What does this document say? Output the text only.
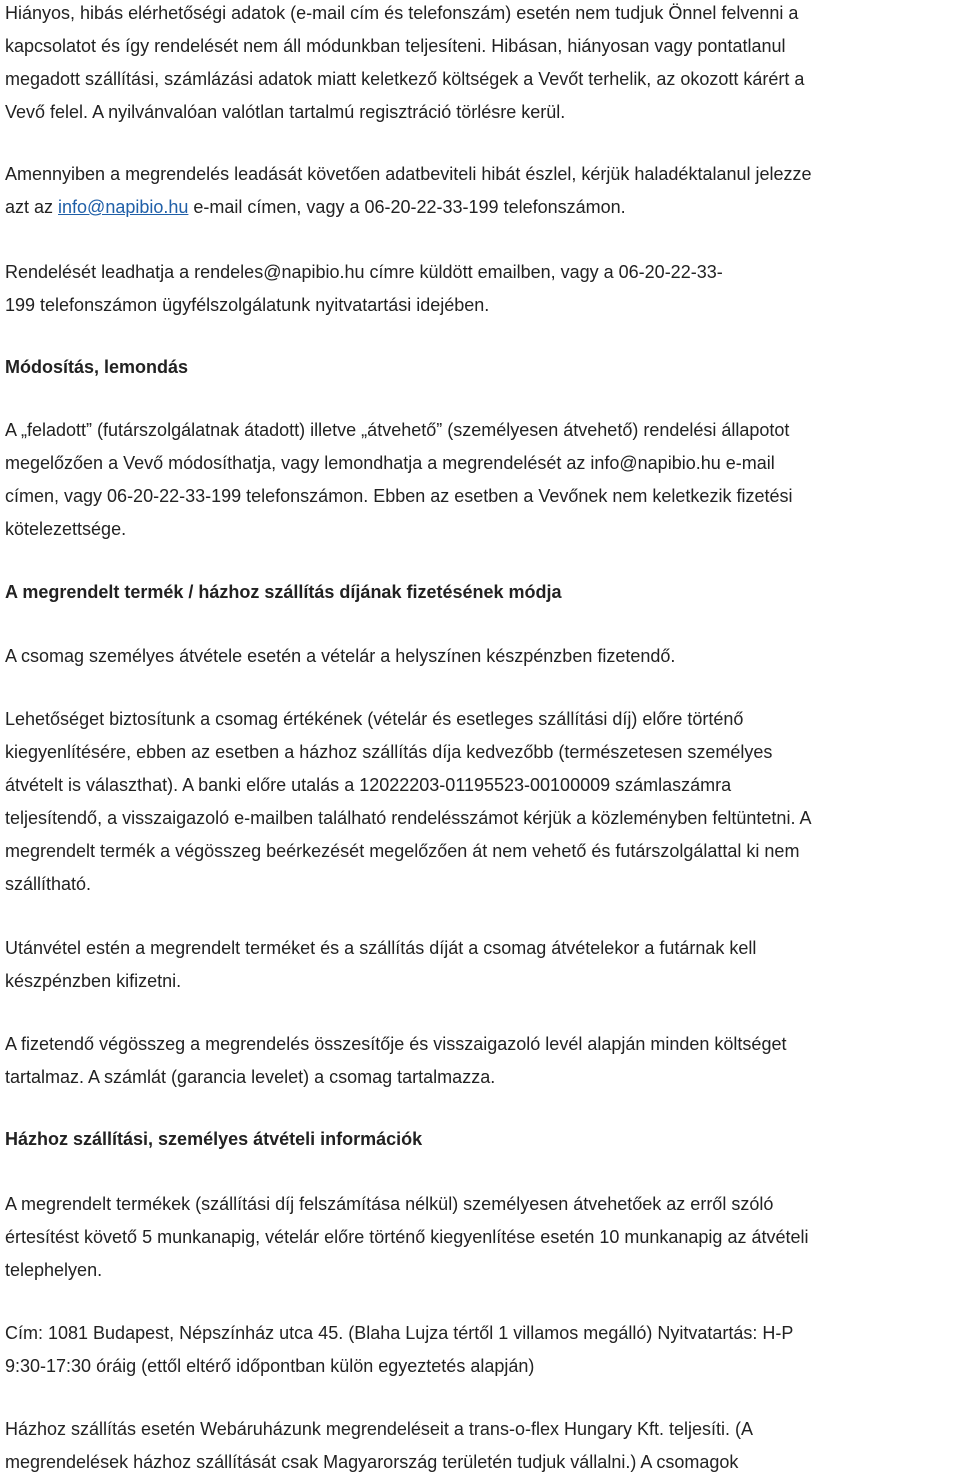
Hiányos, hibás elérhetőségi adatok (e-mail cím és telefonszám) esetén nem tudjuk Önnel felvenni a
kapcsolatot és így rendelését nem áll módunkban teljesíteni. Hibásan, hiányosan vagy pontatlanul
megadott szállítási, számlázási adatok miatt keletkező költségek a Vevőt terhelik, az okozott kárért a
Vevő felel. A nyilvánvalóan valótlan tartalmú regisztráció törlésre kerül.
Amennyiben a megrendelés leadását követően adatbeviteli hibát észlel, kérjük haladéktalanul jelezze
azt az info@napibio.hu e-mail címen, vagy a 06-20-22-33-199 telefonszámon.
Rendelését leadhatja a rendeles@napibio.hu címre küldött emailben, vagy a 06-20-22-33-
199 telefonszámon ügyfélszolgálatunk nyitvatartási idejében.
Módosítás, lemondás
A „feladott” (futárszolgálatnak átadott) illetve „átvehető” (személyesen átvehető) rendelési állapotot
megelőzően a Vevő módosíthatja, vagy lemondhatja a megrendelését az info@napibio.hu e-mail
címen, vagy 06-20-22-33-199 telefonszámon. Ebben az esetben a Vevőnek nem keletkezik fizetési
kötelezettsége.
A megrendelt termék / házhoz szállítás díjának fizetésének módja
A csomag személyes átvétele esetén a vételár a helyszínen készpénzben fizetendő.
Lehetőséget biztosítunk a csomag értékének (vételár és esetleges szállítási díj) előre történő
kiegyenlítésére, ebben az esetben a házhoz szállítás díja kedvezőbb (természetesen személyes
átvételt is választhat). A banki előre utalás a 12022203-01195523-00100009 számlaszámra
teljesítendő, a visszaigazoló e-mailben található rendelésszámot kérjük a közleményben feltüntetni. A
megrendelt termék a végösszeg beérkezését megelőzően át nem vehető és futárszolgálattal ki nem
szállítható.
Utánvétel estén a megrendelt terméket és a szállítás díját a csomag átvételekor a futárnak kell
készpénzben kifizetni.
A fizetendő végösszeg a megrendelés összesítője és visszaigazoló levél alapján minden költséget
tartalmaz. A számlát (garancia levelet) a csomag tartalmazza.
Házhoz szállítási, személyes átvételi információk
A megrendelt termékek (szállítási díj felszámítása nélkül) személyesen átvehetőek az erről szóló
értesítést követő 5 munkanapig, vételár előre történő kiegyenlítése esetén 10 munkanapig az átvételi
telephelyen.
Cím: 1081 Budapest, Népszínház utca 45. (Blaha Lujza tértől 1 villamos megálló) Nyitvatartás: H-P
9:30-17:30 óráig (ettől eltérő időpontban külön egyeztetés alapján)
Házhoz szállítás esetén Webáruházunk megrendeléseit a trans-o-flex Hungary Kft. teljesíti. (A
megrendelések házhoz szállítását csak Magyarország területén tudjuk vállalni.) A csomagok
